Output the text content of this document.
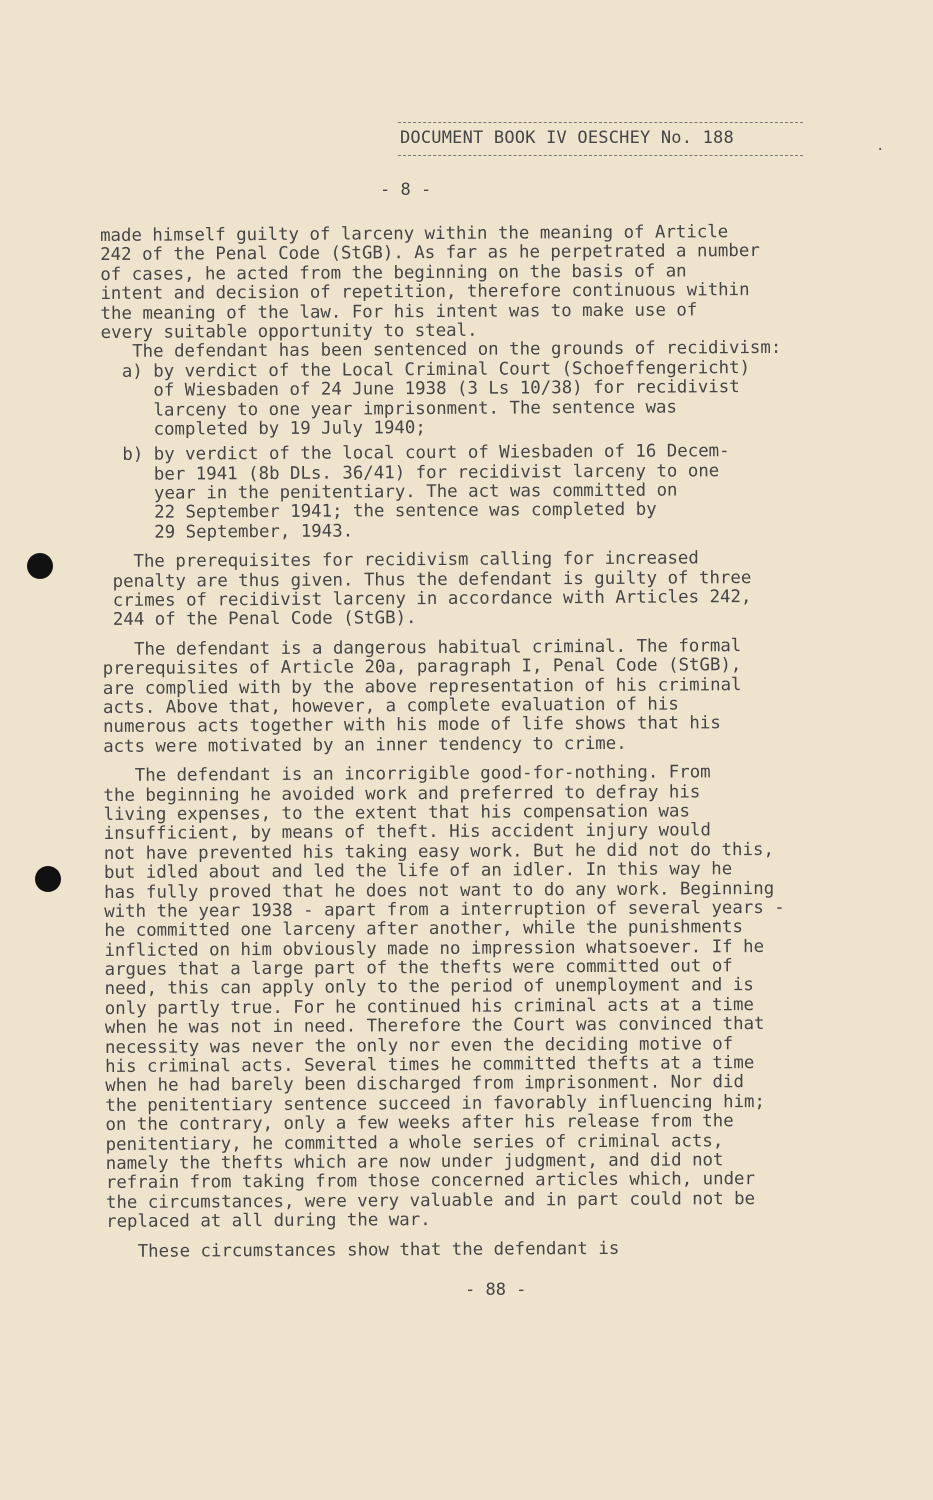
DOCUMENT BOOK IV OESCHEY No. 188
·
- 8 -
made himself guilty of larceny within the meaning of Article
242 of the Penal Code (StGB). As far as he perpetrated a number
of cases, he acted from the beginning on the basis of an
intent and decision of repetition, therefore continuous within
the meaning of the law. For his intent was to make use of
every suitable opportunity to steal.
The defendant has been sentenced on the grounds of recidivism:
a) by verdict of the Local Criminal Court (Schoeffengericht)
of Wiesbaden of 24 June 1938 (3 Ls 10/38) for recidivist
larceny to one year imprisonment. The sentence was
completed by 19 July 1940;
b) by verdict of the local court of Wiesbaden of 16 Decem-
ber 1941 (8b DLs. 36/41) for recidivist larceny to one
year in the penitentiary. The act was committed on
22 September 1941; the sentence was completed by
29 September, 1943.
The prerequisites for recidivism calling for increased
penalty are thus given. Thus the defendant is guilty of three
crimes of recidivist larceny in accordance with Articles 242,
244 of the Penal Code (StGB).
The defendant is a dangerous habitual criminal. The formal
prerequisites of Article 20a, paragraph I, Penal Code (StGB),
are complied with by the above representation of his criminal
acts. Above that, however, a complete evaluation of his
numerous acts together with his mode of life shows that his
acts were motivated by an inner tendency to crime.
The defendant is an incorrigible good-for-nothing. From
the beginning he avoided work and preferred to defray his
living expenses, to the extent that his compensation was
insufficient, by means of theft. His accident injury would
not have prevented his taking easy work. But he did not do this,
but idled about and led the life of an idler. In this way he
has fully proved that he does not want to do any work. Beginning
with the year 1938 - apart from a interruption of several years -
he committed one larceny after another, while the punishments
inflicted on him obviously made no impression whatsoever. If he
argues that a large part of the thefts were committed out of
need, this can apply only to the period of unemployment and is
only partly true. For he continued his criminal acts at a time
when he was not in need. Therefore the Court was convinced that
necessity was never the only nor even the deciding motive of
his criminal acts. Several times he committed thefts at a time
when he had barely been discharged from imprisonment. Nor did
the penitentiary sentence succeed in favorably influencing him;
on the contrary, only a few weeks after his release from the
penitentiary, he committed a whole series of criminal acts,
namely the thefts which are now under judgment, and did not
refrain from taking from those concerned articles which, under
the circumstances, were very valuable and in part could not be
replaced at all during the war.
These circumstances show that the defendant is
- 88 -
